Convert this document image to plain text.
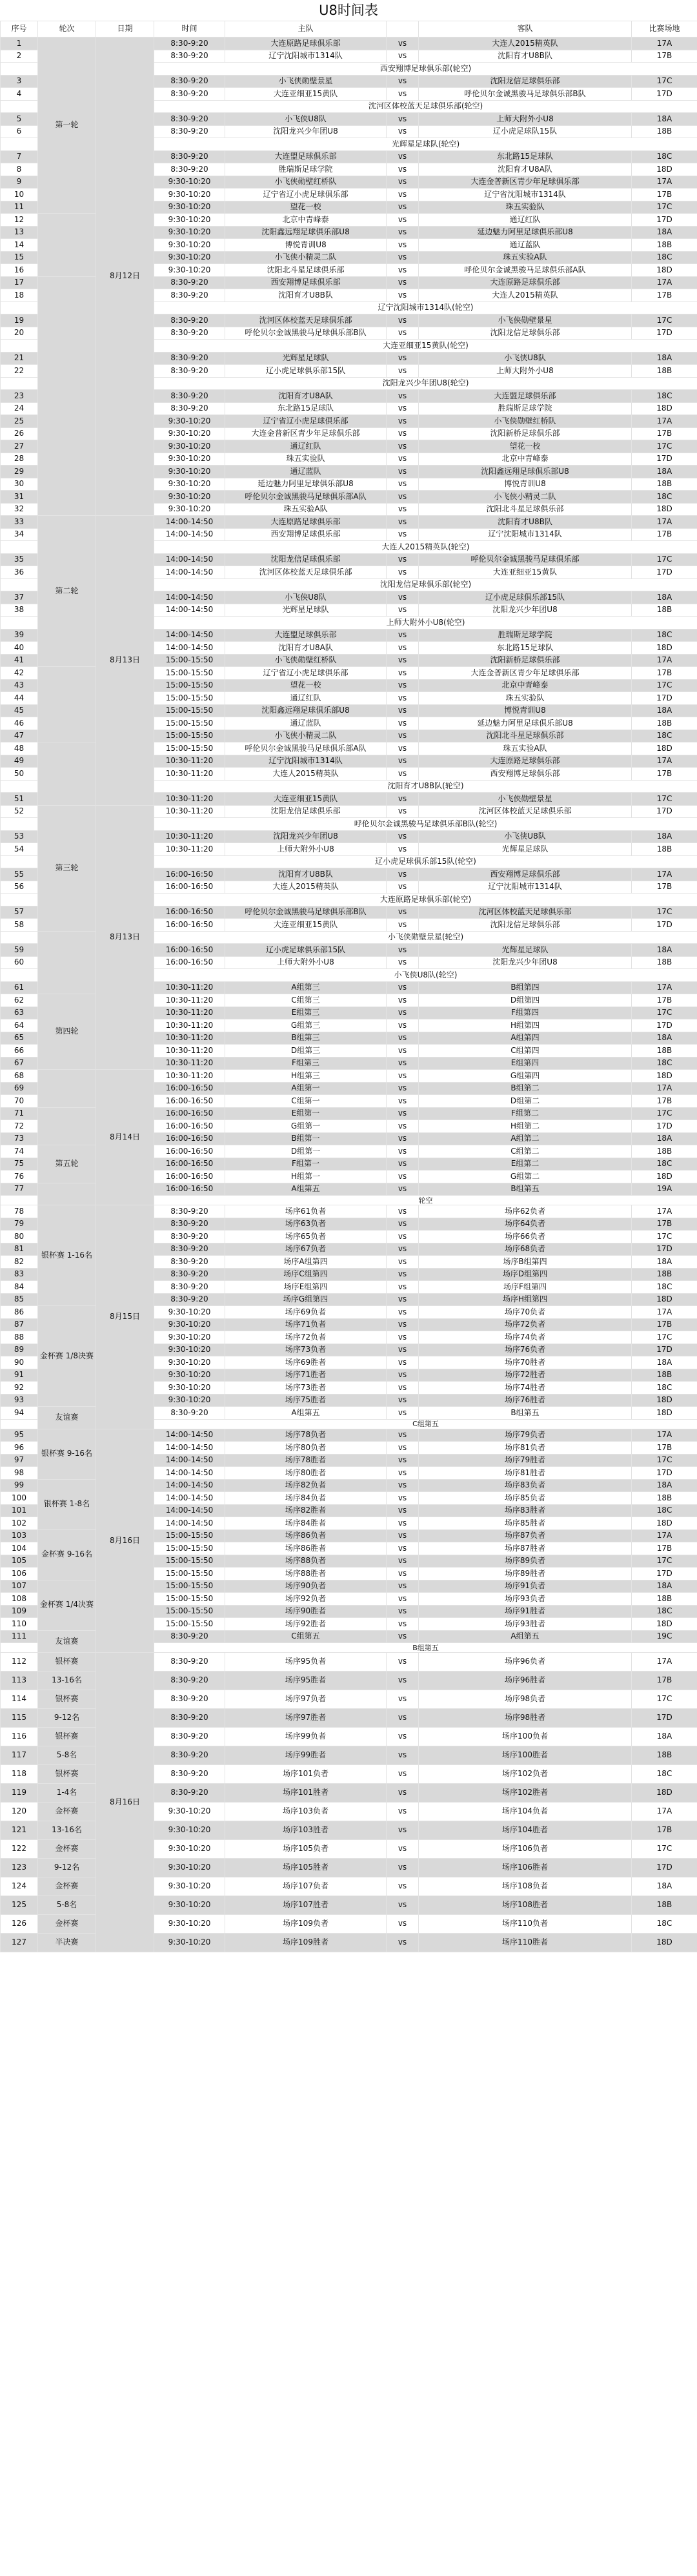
U8时间表
序号	轮次	日期	时间	主队		客队	比赛场地
1	第一轮	8月12日	8:30-9:20	大连原路足球俱乐部	vs	大连人2015精英队	17A
2			8:30-9:20	辽宁沈阳城市1314队	vs	沈阳育才U8B队	17B
			西安翔博足球俱乐部(轮空)				
3			8:30-9:20	小飞侠勋壁景星	vs	沈阳龙信足球俱乐部	17C
4			8:30-9:20	大连亚细亚15黄队	vs	呼伦贝尔金诚黑骏马足球俱乐部B队	17D
			沈河区体校蓝天足球俱乐部(轮空)				
5			8:30-9:20	小飞侠U8队	vs	上师大附外小U8	18A
6			8:30-9:20	沈阳龙兴少年团U8	vs	辽小虎足球队15队	18B
			光辉星足球队(轮空)				
7			8:30-9:20	大连盟足球俱乐部	vs	东北路15足球队	18C
8			8:30-9:20	胜瑞斯足球学院	vs	沈阳育才U8A队	18D
9			9:30-10:20	小飞侠勋壁红桥队	vs	大连金普新区青少年足球俱乐部	17A
10			9:30-10:20	辽宁省辽小虎足球俱乐部	vs	辽宁省沈阳城市1314队	17B
11			9:30-10:20	望花一校	vs	珠五实验队	17C
12			9:30-10:20	北京中青峰泰	vs	通辽红队	17D
13			9:30-10:20	沈阳鑫远翔足球俱乐部U8	vs	延边魅力阿里足球俱乐部U8	18A
14			9:30-10:20	博悦青训U8	vs	通辽蓝队	18B
15			9:30-10:20	小飞侠小精灵二队	vs	珠五实验A队	18C
16			9:30-10:20	沈阳北斗星足球俱乐部	vs	呼伦贝尔金诚黑骏马足球俱乐部A队	18D
17			8:30-9:20	西安翔博足球俱乐部	vs	大连原路足球俱乐部	17A
18			8:30-9:20	沈阳育才U8B队	vs	大连人2015精英队	17B
			辽宁沈阳城市1314队(轮空)				
19			8:30-9:20	沈河区体校蓝天足球俱乐部	vs	小飞侠勋壁景星	17C
20			8:30-9:20	呼伦贝尔金诚黑骏马足球俱乐部B队	vs	沈阳龙信足球俱乐部	17D
			大连亚细亚15黄队(轮空)				
21			8:30-9:20	光辉星足球队	vs	小飞侠U8队	18A
22			8:30-9:20	辽小虎足球俱乐部15队	vs	上师大附外小U8	18B
			沈阳龙兴少年团U8(轮空)				
23			8:30-9:20	沈阳育才U8A队	vs	大连盟足球俱乐部	18C
24			8:30-9:20	东北路15足球队	vs	胜瑞斯足球学院	18D
25			9:30-10:20	辽宁省辽小虎足球俱乐部	vs	小飞侠勋壁红桥队	17A
26			9:30-10:20	大连金普新区青少年足球俱乐部	vs	沈阳新桥足球俱乐部	17B
27			9:30-10:20	通辽红队	vs	望花一校	17C
28			9:30-10:20	珠五实验队	vs	北京中青峰泰	17D
29			9:30-10:20	通辽蓝队	vs	沈阳鑫远翔足球俱乐部U8	18A
30			9:30-10:20	延边魅力阿里足球俱乐部U8	vs	博悦青训U8	18B
31			9:30-10:20	呼伦贝尔金诚黑骏马足球俱乐部A队	vs	小飞侠小精灵二队	18C
32			9:30-10:20	珠五实验A队	vs	沈阳北斗星足球俱乐部	18D
33	第二轮	8月13日	14:00-14:50	大连原路足球俱乐部	vs	沈阳育才U8B队	17A
34			14:00-14:50	西安翔博足球俱乐部	vs	辽宁沈阳城市1314队	17B
			大连人2015精英队(轮空)				
35			14:00-14:50	沈阳龙信足球俱乐部	vs	呼伦贝尔金诚黑骏马足球俱乐部	17C
36			14:00-14:50	沈河区体校蓝天足球俱乐部	vs	大连亚细亚15黄队	17D
			沈阳龙信足球俱乐部(轮空)				
37			14:00-14:50	小飞侠U8队	vs	辽小虎足球俱乐部15队	18A
38			14:00-14:50	光辉星足球队	vs	沈阳龙兴少年团U8	18B
			上师大附外小U8(轮空)				
39			14:00-14:50	大连盟足球俱乐部	vs	胜瑞斯足球学院	18C
40			14:00-14:50	沈阳育才U8A队	vs	东北路15足球队	18D
41			15:00-15:50	小飞侠勋壁红桥队	vs	沈阳新桥足球俱乐部	17A
42			15:00-15:50	辽宁省辽小虎足球俱乐部	vs	大连金普新区青少年足球俱乐部	17B
43			15:00-15:50	望花一校	vs	北京中青峰泰	17C
44			15:00-15:50	通辽红队	vs	珠五实验队	17D
45			15:00-15:50	沈阳鑫远翔足球俱乐部U8	vs	博悦青训U8	18A
46			15:00-15:50	通辽蓝队	vs	延边魅力阿里足球俱乐部U8	18B
47			15:00-15:50	小飞侠小精灵二队	vs	沈阳北斗星足球俱乐部	18C
48			15:00-15:50	呼伦贝尔金诚黑骏马足球俱乐部A队	vs	珠五实验A队	18D
49			10:30-11:20	辽宁沈阳城市1314队	vs	大连原路足球俱乐部	17A
50			10:30-11:20	大连人2015精英队	vs	西安翔博足球俱乐部	17B
			沈阳育才U8B队(轮空)				
51			10:30-11:20	大连亚细亚15黄队	vs	小飞侠勋壁景星	17C
52	第三轮	8月13日	10:30-11:20	沈阳龙信足球俱乐部	vs	沈河区体校蓝天足球俱乐部	17D
			呼伦贝尔金诚黑骏马足球俱乐部B队(轮空)				
53			10:30-11:20	沈阳龙兴少年团U8	vs	小飞侠U8队	18A
54			10:30-11:20	上师大附外小U8	vs	光辉星足球队	18B
			辽小虎足球俱乐部15队(轮空)				
55			16:00-16:50	沈阳育才U8B队	vs	西安翔博足球俱乐部	17A
56			16:00-16:50	大连人2015精英队	vs	辽宁沈阳城市1314队	17B
			大连原路足球俱乐部(轮空)				
57			16:00-16:50	呼伦贝尔金诚黑骏马足球俱乐部B队	vs	沈河区体校蓝天足球俱乐部	17C
58			16:00-16:50	大连亚细亚15黄队	vs	沈阳龙信足球俱乐部	17D
			小飞侠勋壁景星(轮空)				
59			16:00-16:50	辽小虎足球俱乐部15队	vs	光辉星足球队	18A
60			16:00-16:50	上师大附外小U8	vs	沈阳龙兴少年团U8	18B
			小飞侠U8队(轮空)				
61			10:30-11:20	A组第三	vs	B组第四	17A
62	第四轮		10:30-11:20	C组第三	vs	D组第四	17B
63			10:30-11:20	E组第三	vs	F组第四	17C
64			10:30-11:20	G组第三	vs	H组第四	17D
65			10:30-11:20	B组第三	vs	A组第四	18A
66			10:30-11:20	D组第三	vs	C组第四	18B
67			10:30-11:20	F组第三	vs	E组第四	18C
68		8月14日	10:30-11:20	H组第三	vs	G组第四	18D
69			16:00-16:50	A组第一	vs	B组第二	17A
70			16:00-16:50	C组第一	vs	D组第二	17B
71			16:00-16:50	E组第一	vs	F组第二	17C
72			16:00-16:50	G组第一	vs	H组第二	17D
73			16:00-16:50	B组第一	vs	A组第二	18A
74	第五轮		16:00-16:50	D组第一	vs	C组第二	18B
75			16:00-16:50	F组第一	vs	E组第二	18C
76			16:00-16:50	H组第一	vs	G组第二	18D
77			16:00-16:50	A组第五	vs	B组第五	19A
			轮空				
78	银杯赛 1-16名	8月15日	8:30-9:20	场序61负者	vs	场序62负者	17A
79			8:30-9:20	场序63负者	vs	场序64负者	17B
80			8:30-9:20	场序65负者	vs	场序66负者	17C
81			8:30-9:20	场序67负者	vs	场序68负者	17D
82			8:30-9:20	场序A组第四	vs	场序B组第四	18A
83			8:30-9:20	场序C组第四	vs	场序D组第四	18B
84			8:30-9:20	场序E组第四	vs	场序F组第四	18C
85			8:30-9:20	场序G组第四	vs	场序H组第四	18D
86	金杯赛 1/8决赛		9:30-10:20	场序69负者	vs	场序70负者	17A
87			9:30-10:20	场序71负者	vs	场序72负者	17B
88			9:30-10:20	场序72负者	vs	场序74负者	17C
89			9:30-10:20	场序73负者	vs	场序76负者	17D
90			9:30-10:20	场序69胜者	vs	场序70胜者	18A
91			9:30-10:20	场序71胜者	vs	场序72胜者	18B
92			9:30-10:20	场序73胜者	vs	场序74胜者	18C
93			9:30-10:20	场序75胜者	vs	场序76胜者	18D
94	友谊赛		8:30-9:20	A组第五	vs	B组第五	18D
			C组第五				
95	银杯赛 9-16名	8月16日	14:00-14:50	场序78负者	vs	场序79负者	17A
96			14:00-14:50	场序80负者	vs	场序81负者	17B
97			14:00-14:50	场序78胜者	vs	场序79胜者	17C
98			14:00-14:50	场序80胜者	vs	场序81胜者	17D
99	银杯赛 1-8名		14:00-14:50	场序82负者	vs	场序83负者	18A
100			14:00-14:50	场序84负者	vs	场序85负者	18B
101			14:00-14:50	场序82胜者	vs	场序83胜者	18C
102			14:00-14:50	场序84胜者	vs	场序85胜者	18D
103	金杯赛 9-16名		15:00-15:50	场序86负者	vs	场序87负者	17A
104			15:00-15:50	场序86胜者	vs	场序87胜者	17B
105			15:00-15:50	场序88负者	vs	场序89负者	17C
106			15:00-15:50	场序88胜者	vs	场序89胜者	17D
107	金杯赛 1/4决赛		15:00-15:50	场序90负者	vs	场序91负者	18A
108			15:00-15:50	场序92负者	vs	场序93负者	18B
109			15:00-15:50	场序90胜者	vs	场序91胜者	18C
110			15:00-15:50	场序92胜者	vs	场序93胜者	18D
111	友谊赛		8:30-9:20	C组第五	vs	A组第五	19C
			B组第五				
112	银杯赛	8月16日	8:30-9:20	场序95负者	vs	场序96负者	17A
113	13-16名		8:30-9:20	场序95胜者	vs	场序96胜者	17B
114	银杯赛		8:30-9:20	场序97负者	vs	场序98负者	17C
115	9-12名		8:30-9:20	场序97胜者	vs	场序98胜者	17D
116	银杯赛		8:30-9:20	场序99负者	vs	场序100负者	18A
117	5-8名		8:30-9:20	场序99胜者	vs	场序100胜者	18B
118	银杯赛		8:30-9:20	场序101负者	vs	场序102负者	18C
119	1-4名		8:30-9:20	场序101胜者	vs	场序102胜者	18D
120	金杯赛		9:30-10:20	场序103负者	vs	场序104负者	17A
121	13-16名		9:30-10:20	场序103胜者	vs	场序104胜者	17B
122	金杯赛		9:30-10:20	场序105负者	vs	场序106负者	17C
123	9-12名		9:30-10:20	场序105胜者	vs	场序106胜者	17D
124	金杯赛		9:30-10:20	场序107负者	vs	场序108负者	18A
125	5-8名		9:30-10:20	场序107胜者	vs	场序108胜者	18B
126	金杯赛		9:30-10:20	场序109负者	vs	场序110负者	18C
127	半决赛		9:30-10:20	场序109胜者	vs	场序110胜者	18D
